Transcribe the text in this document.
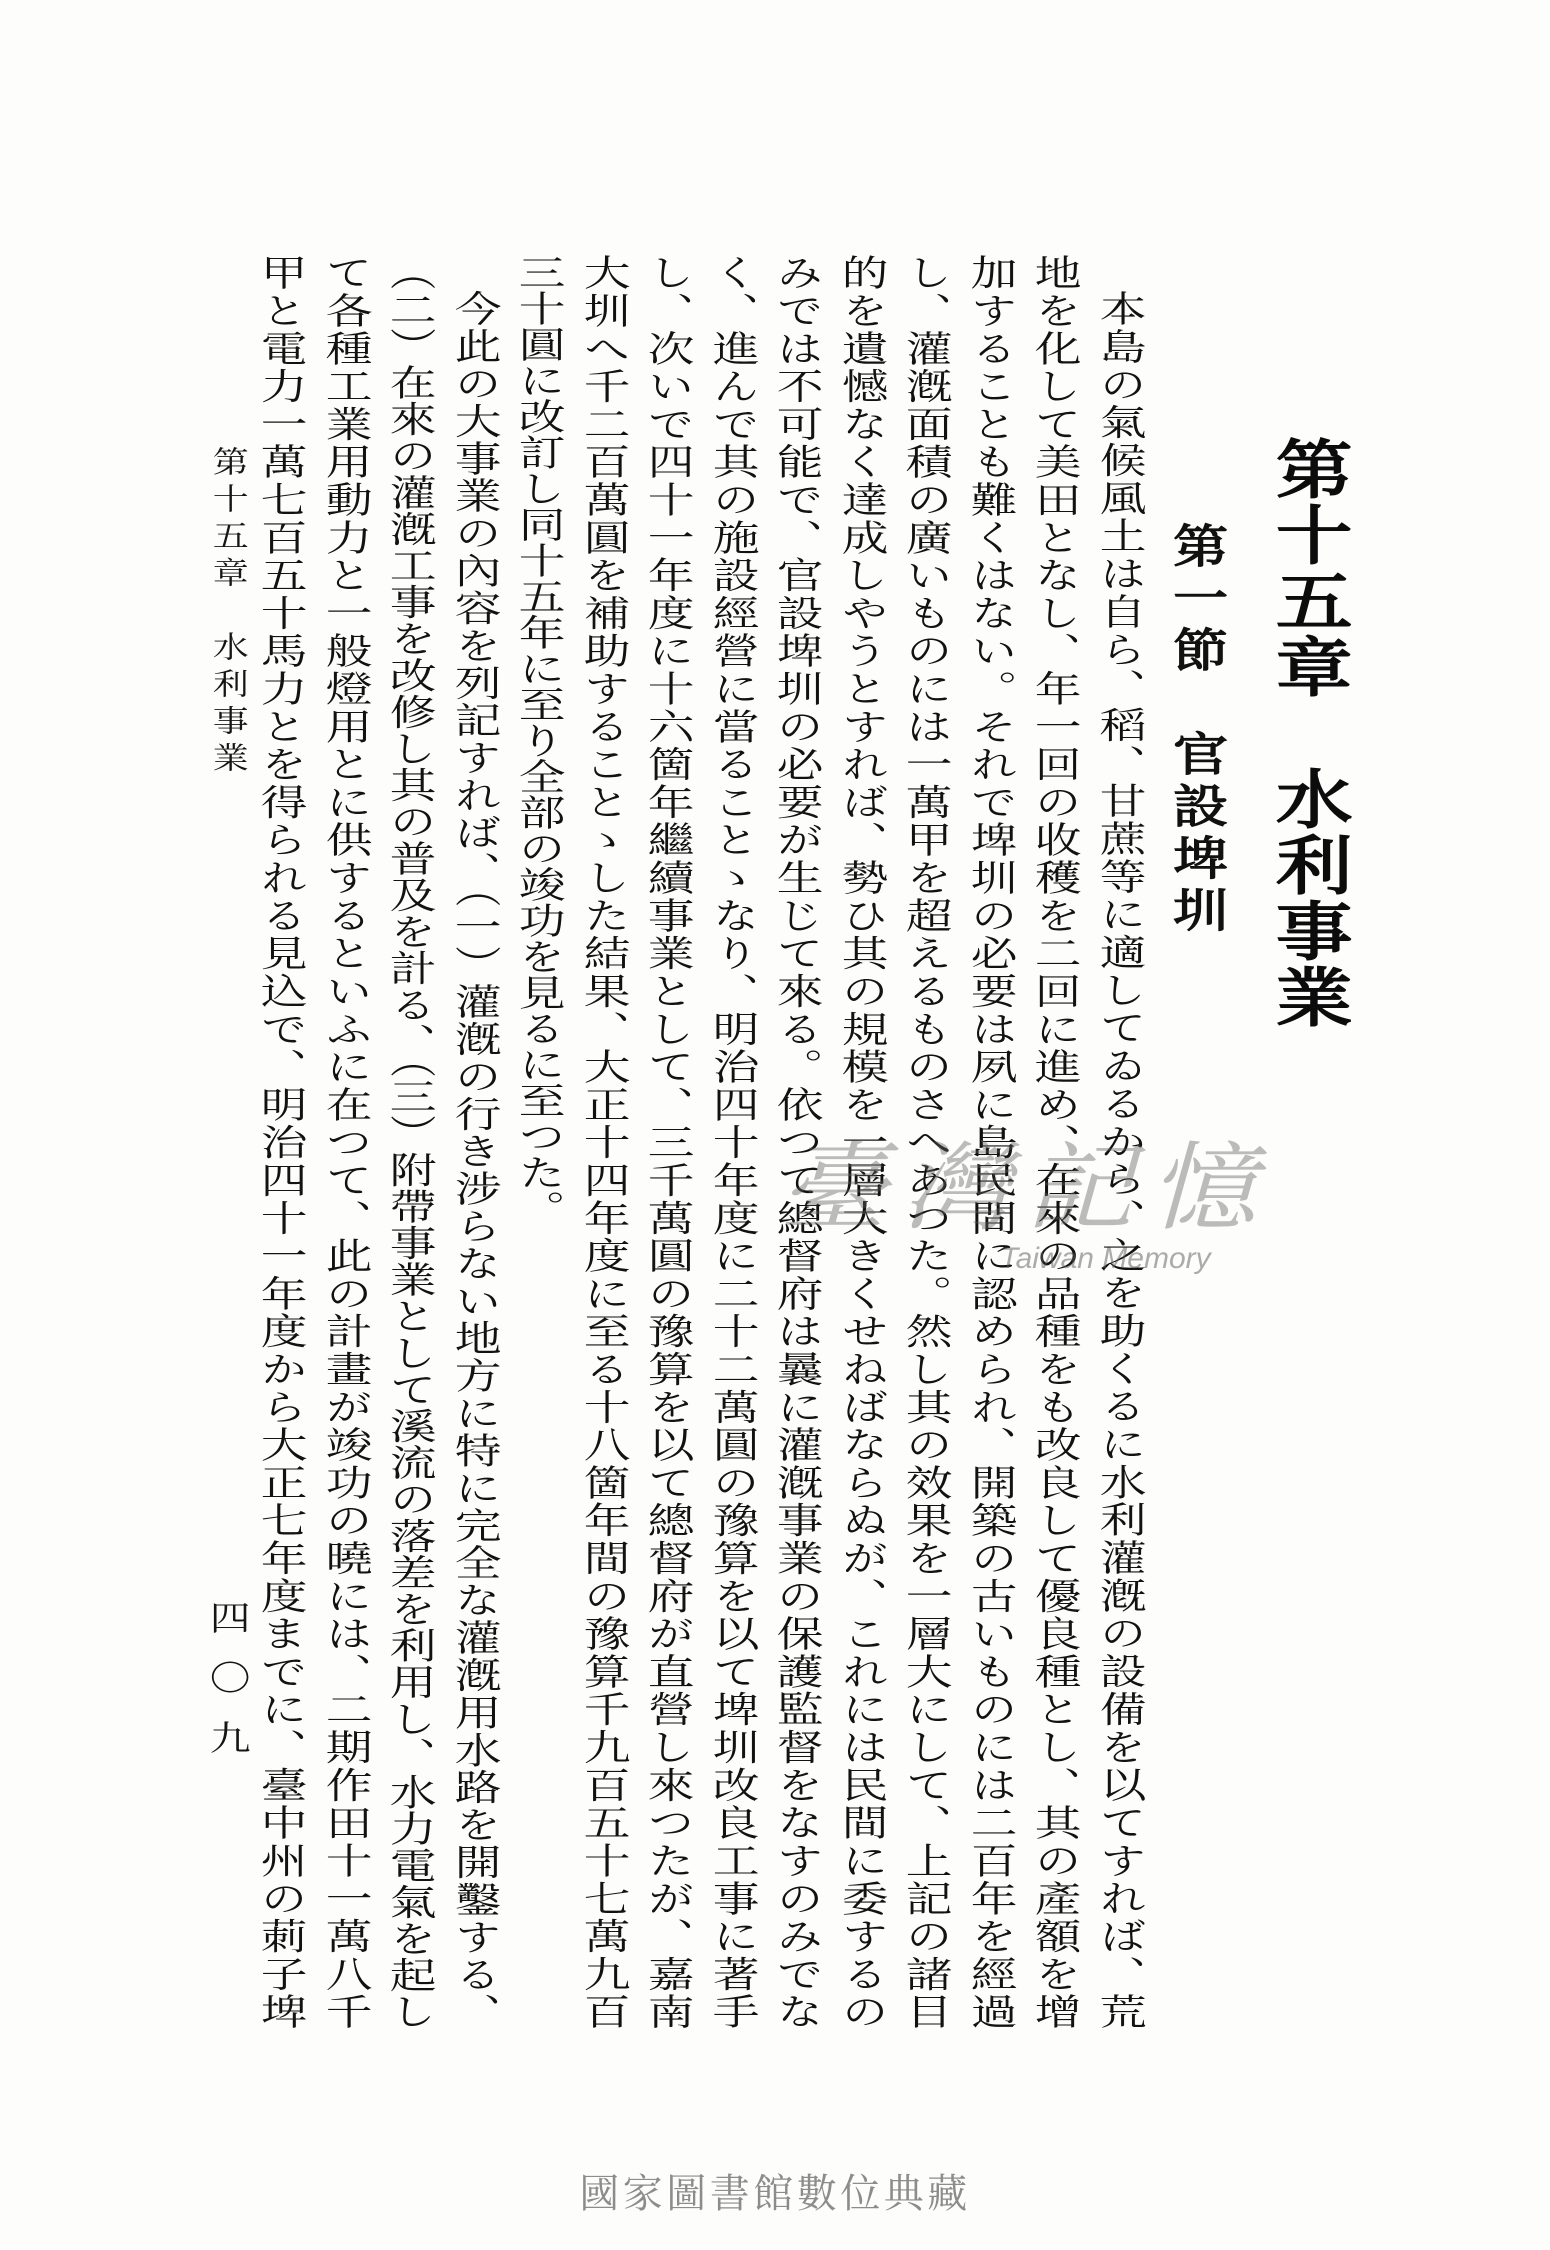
第十五章　水利事業
第一節　官設埤圳
本島の氣候風土は自ら、稻、甘蔗等に適してゐるから、之を助くるに水利灌漑の設備を以てすれば、荒
地を化して美田となし、年一回の收穫を二回に進め、在來の品種をも改良して優良種とし、其の產額を增
加することも難くはない。それで埤圳の必要は夙に島民間に認められ、開築の古いものには二百年を經過
し、灌漑面積の廣いものには一萬甲を超えるものさへあつた。然し其の效果を一層大にして、上記の諸目
的を遺憾なく達成しやうとすれば、勢ひ其の規模を一層大きくせねばならぬが、これには民間に委するの
みでは不可能で、官設埤圳の必要が生じて來る。依つて總督府は曩に灌漑事業の保護監督をなすのみでな
く、進んで其の施設經營に當ることゝなり、明治四十年度に二十二萬圓の豫算を以て埤圳改良工事に著手
し、次いで四十一年度に十六箇年繼續事業として、三千萬圓の豫算を以て總督府が直營し來つたが、嘉南
大圳へ千二百萬圓を補助することゝした結果、大正十四年度に至る十八箇年間の豫算千九百五十七萬九百
三十圓に改訂し同十五年に至り全部の竣功を見るに至つた。
今此の大事業の內容を列記すれば、（一）灌漑の行き涉らない地方に特に完全な灌漑用水路を開鑿する、
（二）在來の灌漑工事を改修し其の普及を計る、（三）附帶事業として溪流の落差を利用し、水力電氣を起し
て各種工業用動力と一般燈用とに供するといふに在つて、此の計畫が竣功の曉には、二期作田十一萬八千
甲と電力一萬七百五十馬力とを得られる見込で、明治四十一年度から大正七年度までに、臺中州の莿子埤
第十五章　水利事業
四〇九
臺灣記憶
Taiwan Memory
國家圖書館數位典藏
